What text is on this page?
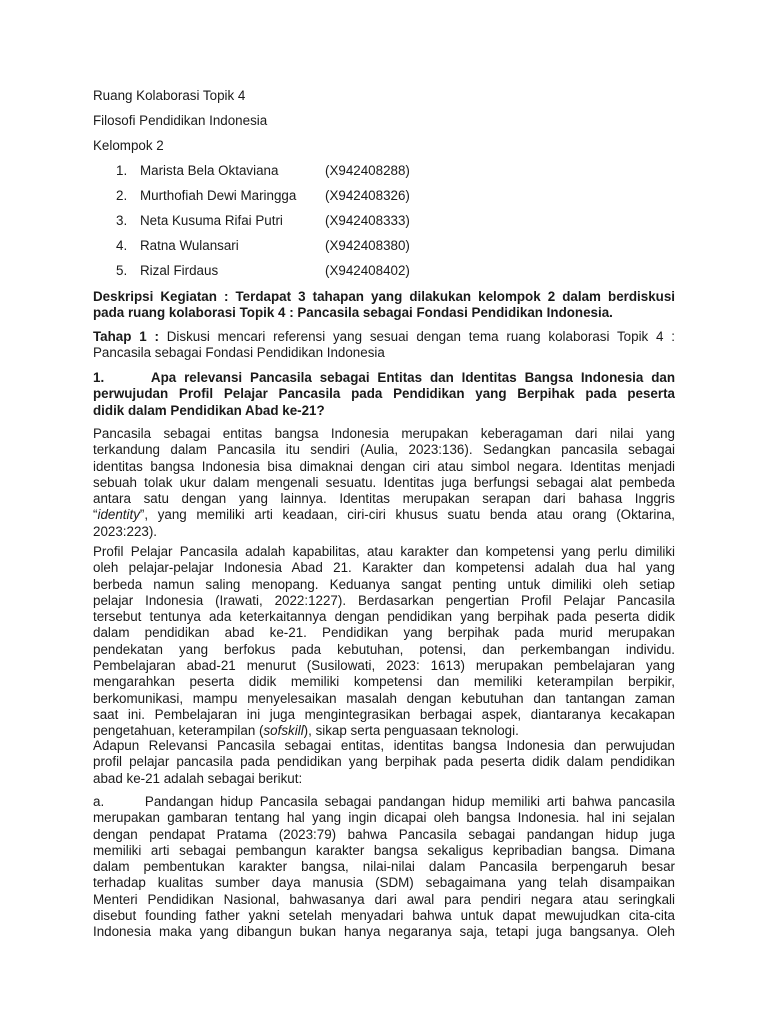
Ruang Kolaborasi Topik 4
Filosofi Pendidikan Indonesia
Kelompok 2
1. Marista Bela Oktaviana	(X942408288)
2. Murthofiah Dewi Maringga (X942408326)
3. Neta Kusuma Rifai Putri	(X942408333)
4. Ratna Wulansari	(X942408380)
5. Rizal Firdaus	(X942408402)
Deskripsi Kegiatan : Terdapat 3 tahapan yang dilakukan kelompok 2 dalam berdiskusi
pada ruang kolaborasi Topik 4 : Pancasila sebagai Fondasi Pendidikan Indonesia.
Tahap 1 : Diskusi mencari referensi yang sesuai dengan tema ruang kolaborasi Topik 4 :
Pancasila sebagai Fondasi Pendidikan Indonesia
1.      Apa relevansi Pancasila sebagai Entitas dan Identitas Bangsa Indonesia dan
perwujudan Profil Pelajar Pancasila pada Pendidikan yang Berpihak pada peserta
didik dalam Pendidikan Abad ke-21?
Pancasila sebagai entitas bangsa Indonesia merupakan keberagaman dari nilai yang
terkandung dalam Pancasila itu sendiri (Aulia, 2023:136). Sedangkan pancasila sebagai
identitas bangsa Indonesia bisa dimaknai dengan ciri atau simbol negara. Identitas menjadi
sebuah tolak ukur dalam mengenali sesuatu. Identitas juga berfungsi sebagai alat pembeda
antara satu dengan yang lainnya. Identitas merupakan serapan dari bahasa Inggris
“identity”, yang memiliki arti keadaan, ciri-ciri khusus suatu benda atau orang (Oktarina,
2023:223).
Profil Pelajar Pancasila adalah kapabilitas, atau karakter dan kompetensi yang perlu dimiliki
oleh pelajar-pelajar Indonesia Abad 21. Karakter dan kompetensi adalah dua hal yang
berbeda namun saling menopang. Keduanya sangat penting untuk dimiliki oleh setiap
pelajar Indonesia (Irawati, 2022:1227). Berdasarkan pengertian Profil Pelajar Pancasila
tersebut tentunya ada keterkaitannya dengan pendidikan yang berpihak pada peserta didik
dalam pendidikan abad ke-21. Pendidikan yang berpihak pada murid merupakan
pendekatan yang berfokus pada kebutuhan, potensi, dan perkembangan individu.
Pembelajaran abad-21 menurut (Susilowati, 2023: 1613) merupakan pembelajaran yang
mengarahkan peserta didik memiliki kompetensi dan memiliki keterampilan berpikir,
berkomunikasi, mampu menyelesaikan masalah dengan kebutuhan dan tantangan zaman
saat ini. Pembelajaran ini juga mengintegrasikan berbagai aspek, diantaranya kecakapan
pengetahuan, keterampilan (sofskill), sikap serta penguasaan teknologi.
Adapun Relevansi Pancasila sebagai entitas, identitas bangsa Indonesia dan perwujudan
profil pelajar pancasila pada pendidikan yang berpihak pada peserta didik dalam pendidikan
abad ke-21 adalah sebagai berikut:
a.      Pandangan hidup Pancasila sebagai pandangan hidup memiliki arti bahwa pancasila
merupakan gambaran tentang hal yang ingin dicapai oleh bangsa Indonesia. hal ini sejalan
dengan pendapat Pratama (2023:79) bahwa Pancasila sebagai pandangan hidup juga
memiliki arti sebagai pembangun karakter bangsa sekaligus kepribadian bangsa. Dimana
dalam pembentukan karakter bangsa, nilai-nilai dalam Pancasila berpengaruh besar
terhadap kualitas sumber daya manusia (SDM) sebagaimana yang telah disampaikan
Menteri Pendidikan Nasional, bahwasanya dari awal para pendiri negara atau seringkali
disebut founding father yakni setelah menyadari bahwa untuk dapat mewujudkan cita-cita
Indonesia maka yang dibangun bukan hanya negaranya saja, tetapi juga bangsanya. Oleh
